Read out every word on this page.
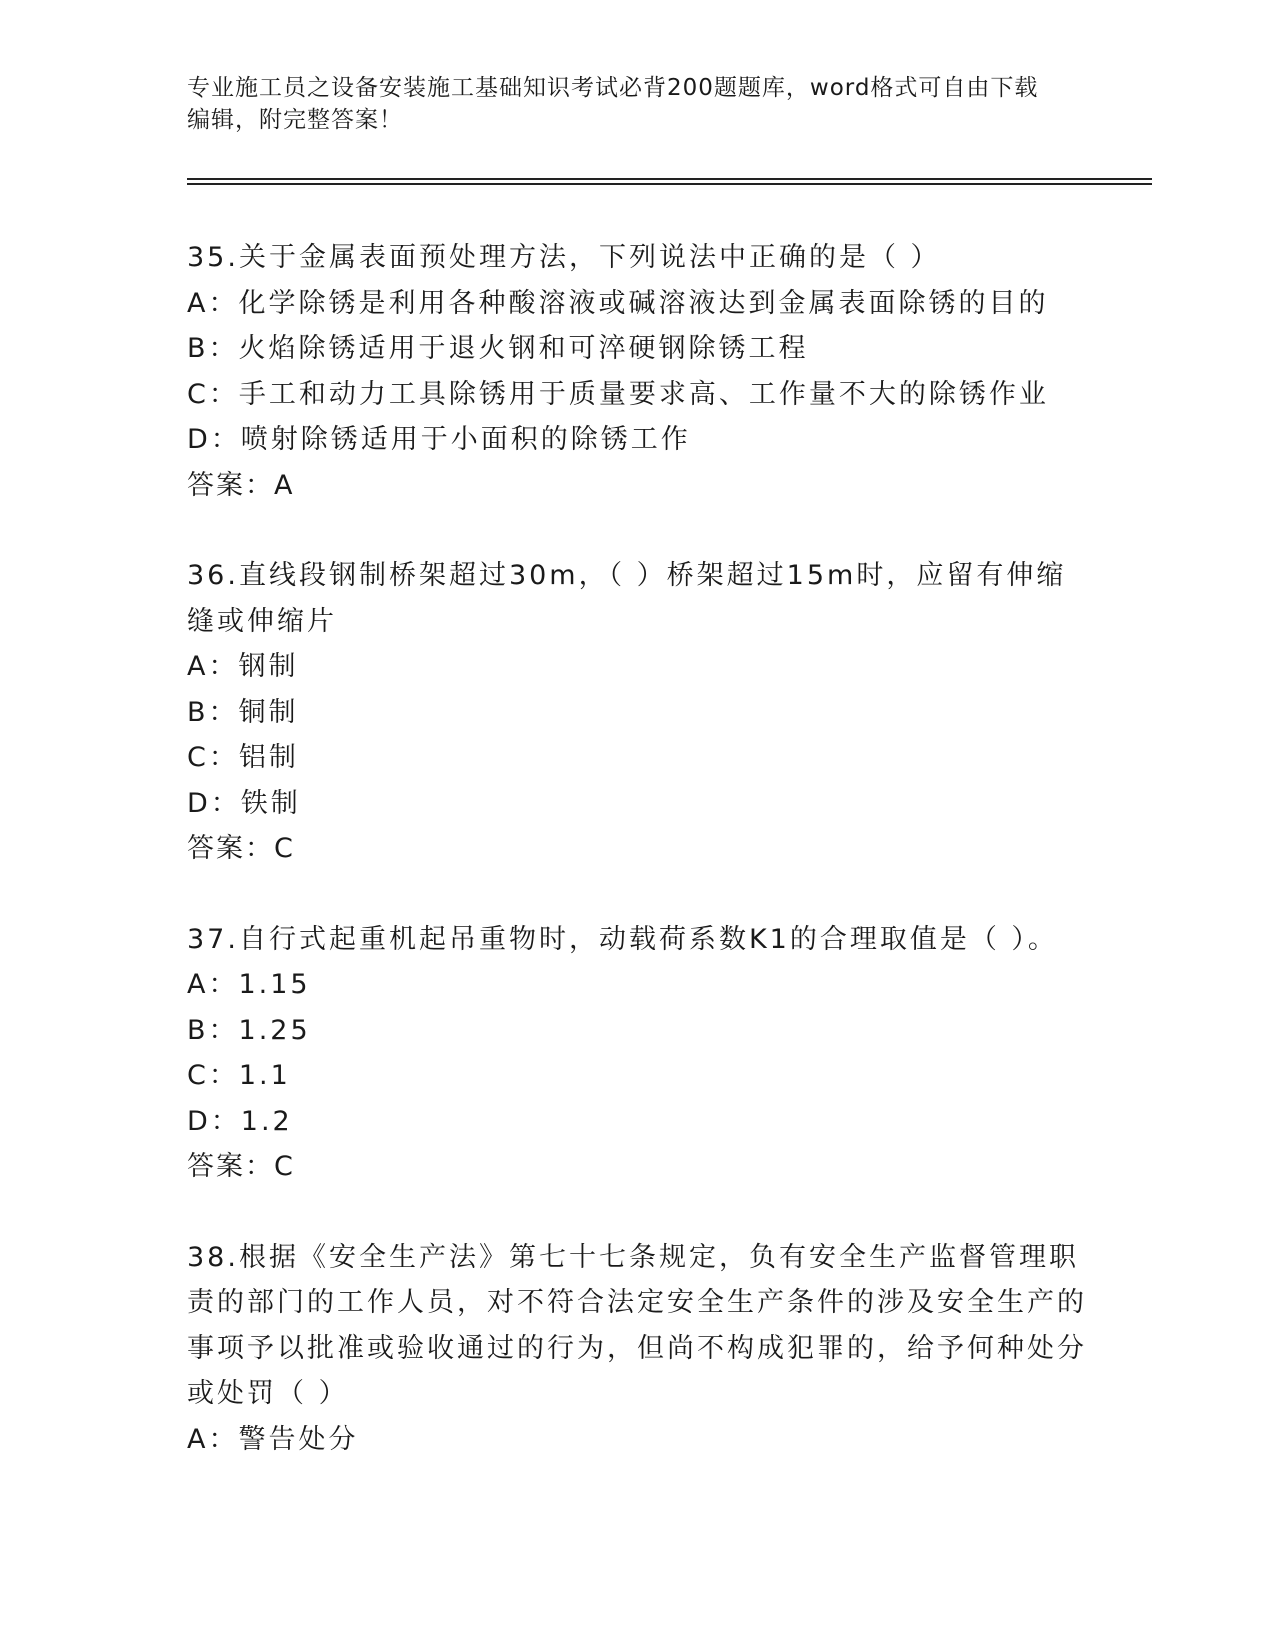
专业施工员之设备安装施工基础知识考试必背200题题库，word格式可自由下载
编辑，附完整答案！
35.关于金属表面预处理方法，下列说法中正确的是（ ）
A：化学除锈是利用各种酸溶液或碱溶液达到金属表面除锈的目的
B：火焰除锈适用于退火钢和可淬硬钢除锈工程
C：手工和动力工具除锈用于质量要求高、工作量不大的除锈作业
D：喷射除锈适用于小面积的除锈工作
答案：A
36.直线段钢制桥架超过30m，（ ）桥架超过15m时，应留有伸缩缝或伸缩片
A：钢制
B：铜制
C：铝制
D：铁制
答案：C
37.自行式起重机起吊重物时，动载荷系数K1的合理取值是（ ）。
A：1.15
B：1.25
C：1.1
D：1.2
答案：C
38.根据《安全生产法》第七十七条规定，负有安全生产监督管理职责的部门的工作人员，对不符合法定安全生产条件的涉及安全生产的事项予以批准或验收通过的行为，但尚不构成犯罪的，给予何种处分或处罚（ ）
A：警告处分
